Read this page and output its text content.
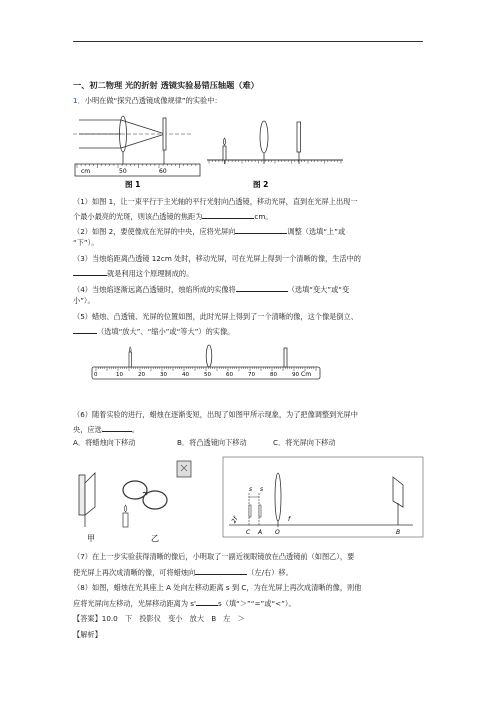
一、初二物理 光的折射 透镜实验易错压轴题（难）
1．小明在做“探究凸透镜成像规律”的实验中：
cm	50	60
图 1	图 2
（1）如图 1，让一束平行于主光轴的平行光射向凸透镜，移动光屏，直到在光屏上出现一
个最小最亮的光斑，则该凸透镜的焦距为	cm。
（2）如图 2，要使像成在光屏的中央，应将光屏向	调整（选填“上”或
“下”）。
（3）当烛焰距离凸透镜 12cm 处时，移动光屏，可在光屏上得到一个清晰的像，生活中的
就是利用这个原理制成的。
（4）当烛焰逐渐远离凸透镜时，烛焰所成的实像将	（选填“变大”或“变
小”）。
（5）蜡烛、凸透镜、光屏的位置如图，此时光屏上得到了一个清晰的像，这个像是倒立、
（选填“放大”、“缩小”或“等大”）的实像。
0	10	20	30	40	50	60	70	80	90 Cm
（6）随着实验的进行，蜡烛在逐渐变短，出现了如图甲所示现象，为了把像调整到光屏中
央，应选	。
A．将蜡烛向下移动	B．将凸透镜向下移动	C．将光屏向下移动
甲	乙
s s
2f	f
C A O	B
（7）在上一步实验获得清晰的像后，小明取了一副近视眼镜放在凸透镜前（如图乙），要
使光屏上再次成清晰的像，可将蜡烛向	（左/右）移。
（8）如图，蜡烛在光具座上 A 处向左移动距离 s 到 C，为在光屏上再次成清晰的像，则他
应将光屏向左移动，光屏移动距离为 s'	s（填“＞”“=”或“<”）。
【答案】10.0　下　投影仪　变小　放大　B　左　＞
【解析】
